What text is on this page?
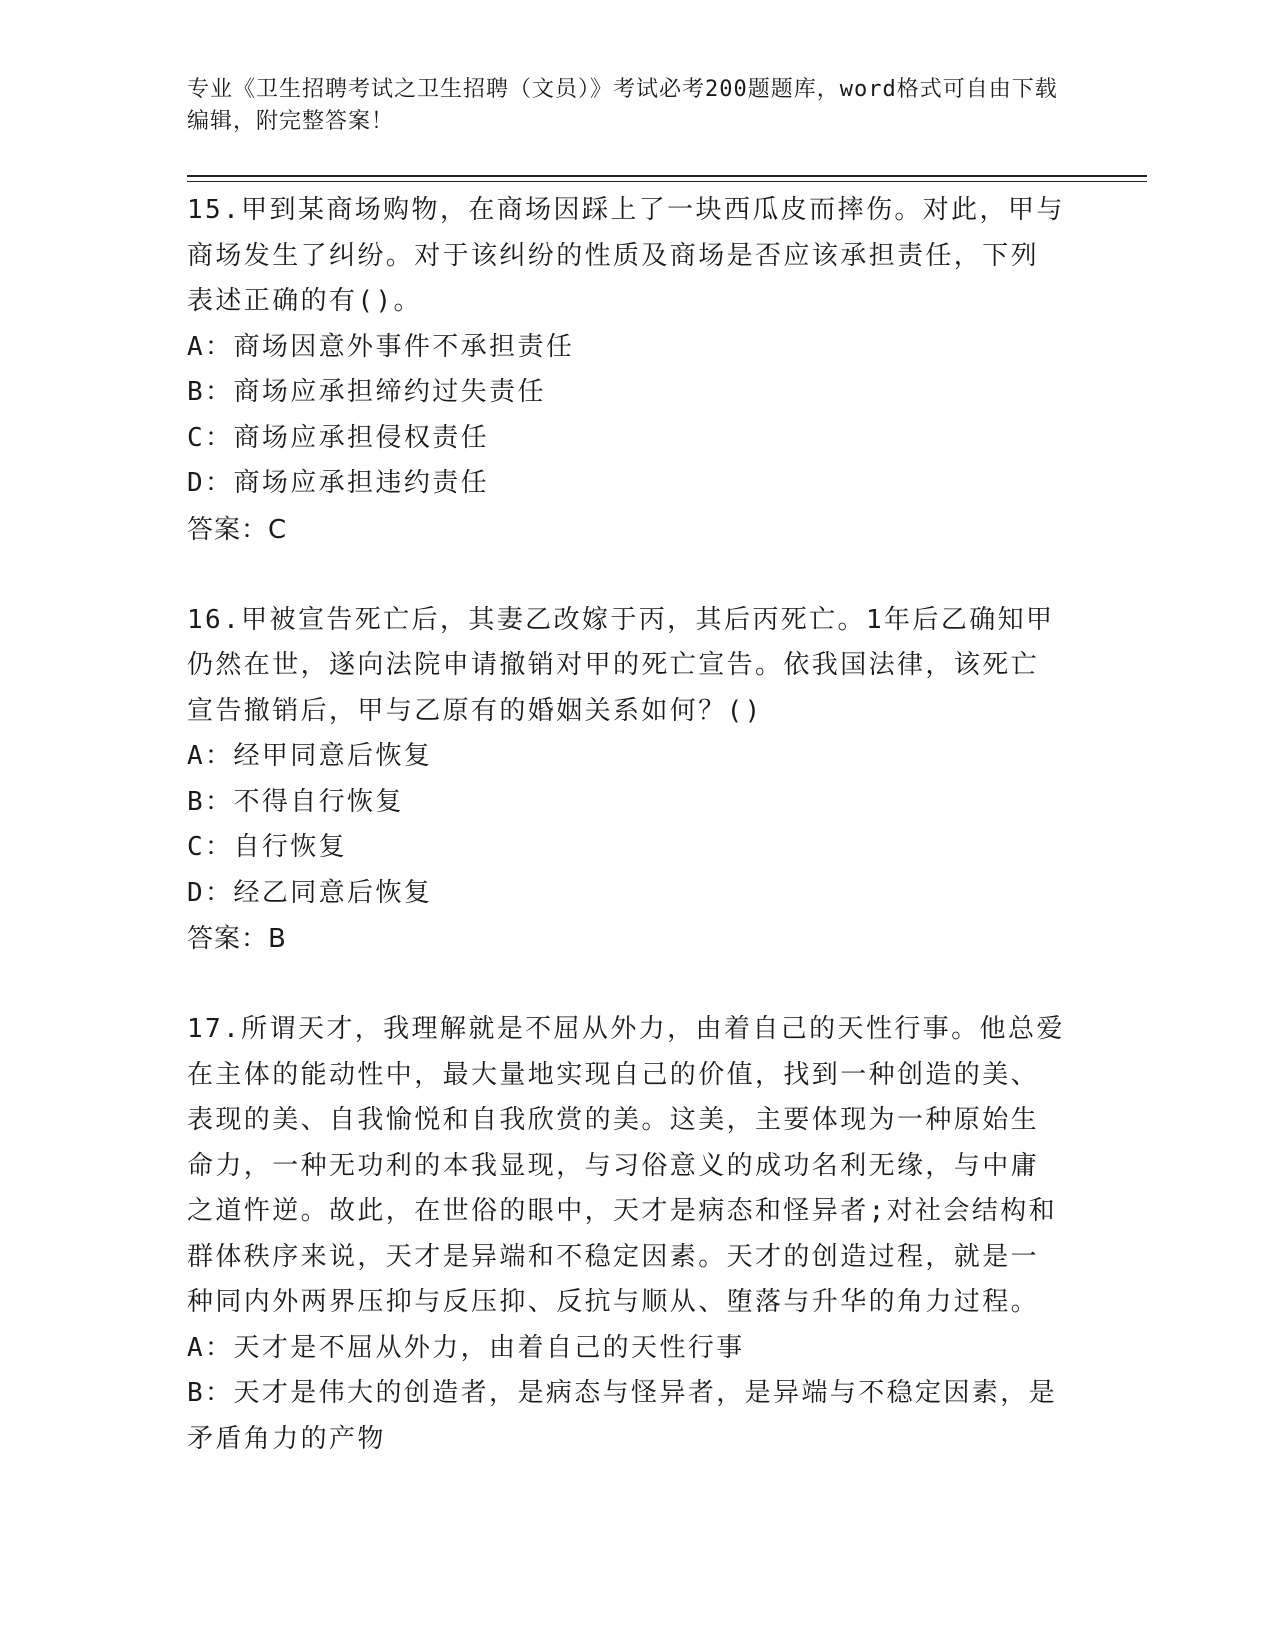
专业《卫生招聘考试之卫生招聘（文员）》考试必考200题题库，word格式可自由下载编辑，附完整答案！

15.甲到某商场购物，在商场因踩上了一块西瓜皮而摔伤。对此，甲与商场发生了纠纷。对于该纠纷的性质及商场是否应该承担责任，下列表述正确的有()。

A：商场因意外事件不承担责任

B：商场应承担缔约过失责任

C：商场应承担侵权责任

D：商场应承担违约责任

答案：C

16.甲被宣告死亡后，其妻乙改嫁于丙，其后丙死亡。1年后乙确知甲仍然在世，遂向法院申请撤销对甲的死亡宣告。依我国法律，该死亡宣告撤销后，甲与乙原有的婚姻关系如何？()

A：经甲同意后恢复

B：不得自行恢复

C：自行恢复

D：经乙同意后恢复

答案：B

17.所谓天才，我理解就是不屈从外力，由着自己的天性行事。他总爱在主体的能动性中，最大量地实现自己的价值，找到一种创造的美、表现的美、自我愉悦和自我欣赏的美。这美，主要体现为一种原始生命力，一种无功利的本我显现，与习俗意义的成功名利无缘，与中庸之道忤逆。故此，在世俗的眼中，天才是病态和怪异者;对社会结构和群体秩序来说，天才是异端和不稳定因素。天才的创造过程，就是一种同内外两界压抑与反压抑、反抗与顺从、堕落与升华的角力过程。

A：天才是不屈从外力，由着自己的天性行事

B：天才是伟大的创造者，是病态与怪异者，是异端与不稳定因素，是矛盾角力的产物
